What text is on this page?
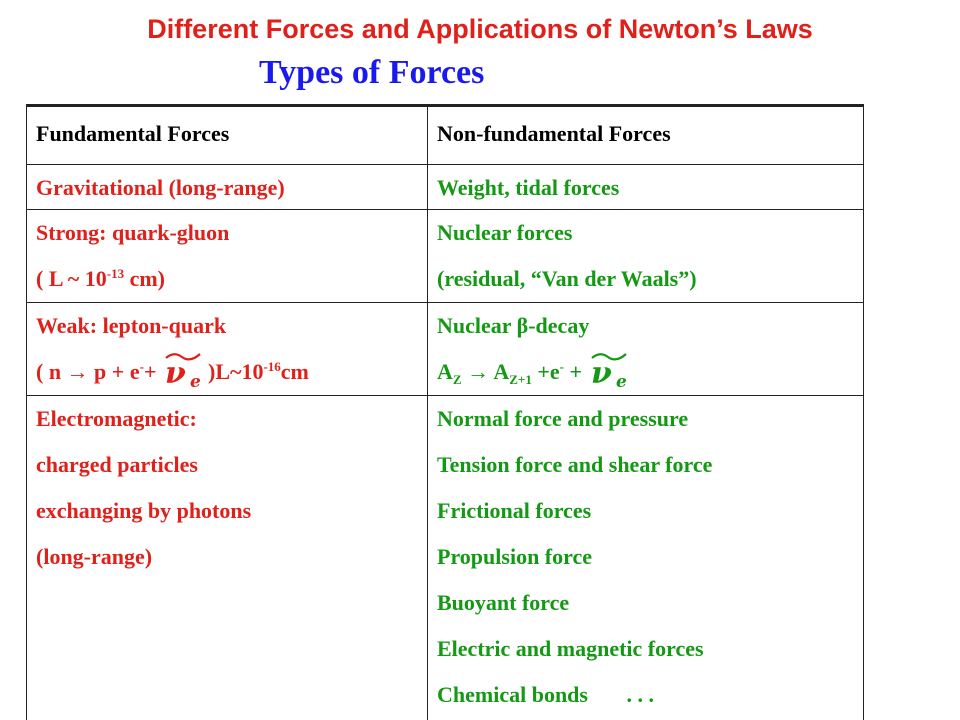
Different Forces and Applications of Newton’s Laws
Types of Forces
Fundamental Forces	Non-fundamental Forces
Gravitational (long-range)	Weight, tidal forces
Strong: quark-gluon
( L ~ $10^{-13}$ cm)
Nuclear forces
(residual, “Van der Waals”)
Weak: lepton-quark
( n → p + e-+ ν e )$L\sim 10^{-16}cm$
Nuclear β-decay
$A_Z \to A_{Z+1} +e^- + \nu$ e
Electromagnetic:
charged particles
exchanging by photons
(long-range)
Normal force and pressure
Tension force and shear force
Frictional forces
Propulsion force
Buoyant force
Electric and magnetic forces
Chemical bonds       . . .
